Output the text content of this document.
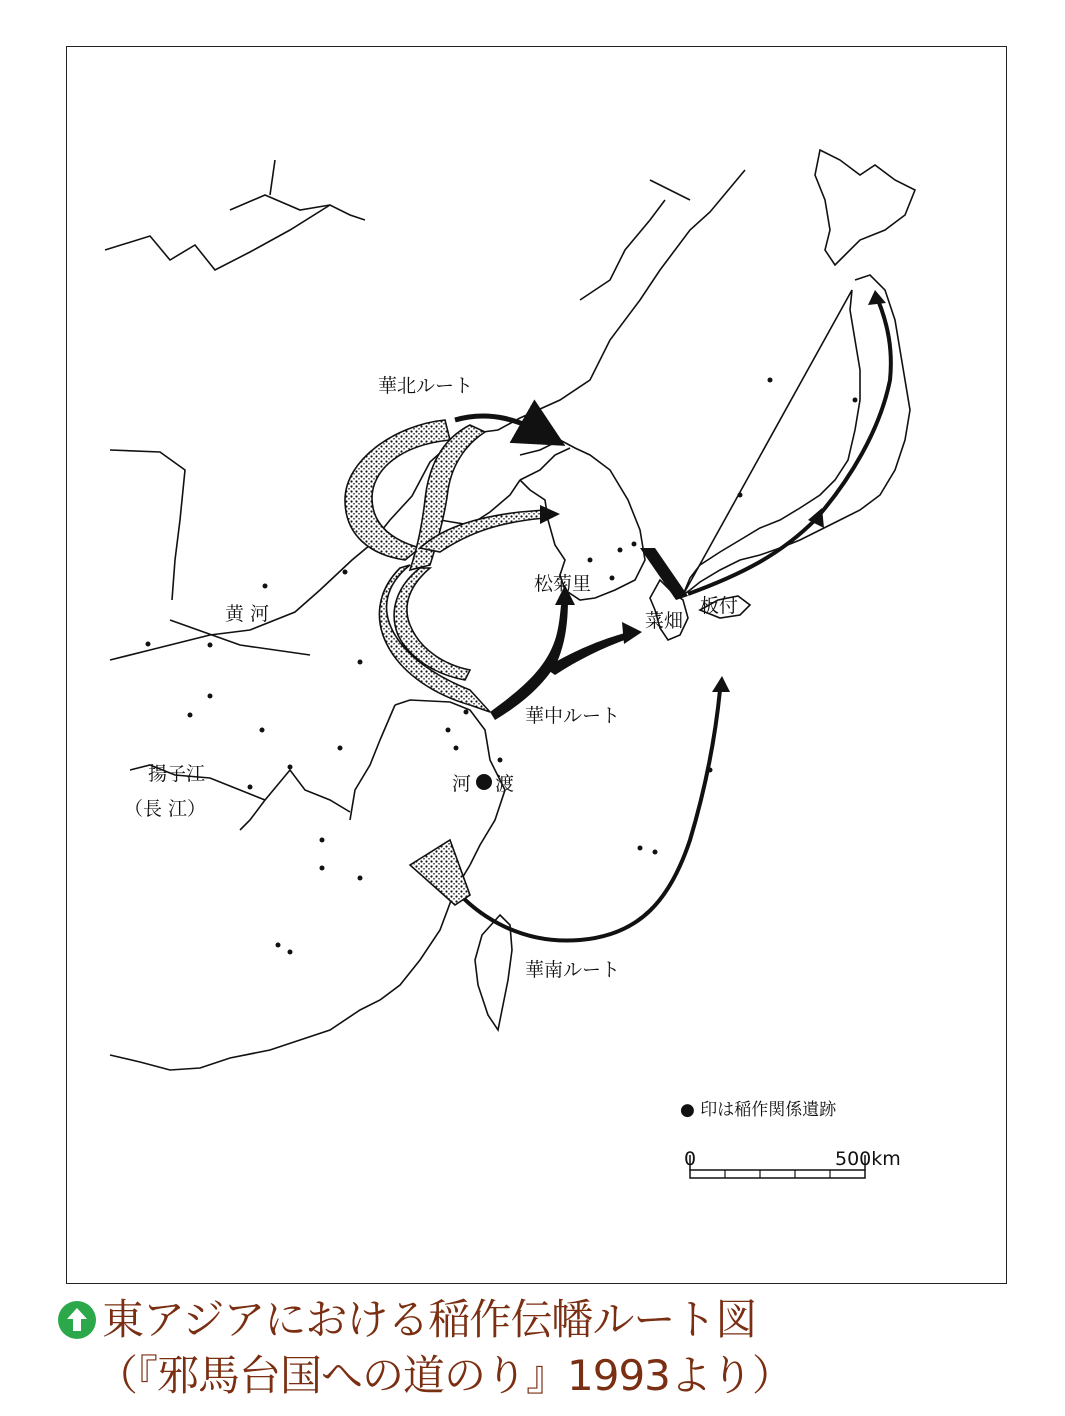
華北ルート
華中ルート
華南ルート
黄 河
揚子江
（長 江）
松菊里
菜畑
板付
河 渡
● 印は稲作関係遺跡
0	500km
東アジアにおける稲作伝幡ルート図
（『邪馬台国への道のり』1993より）
